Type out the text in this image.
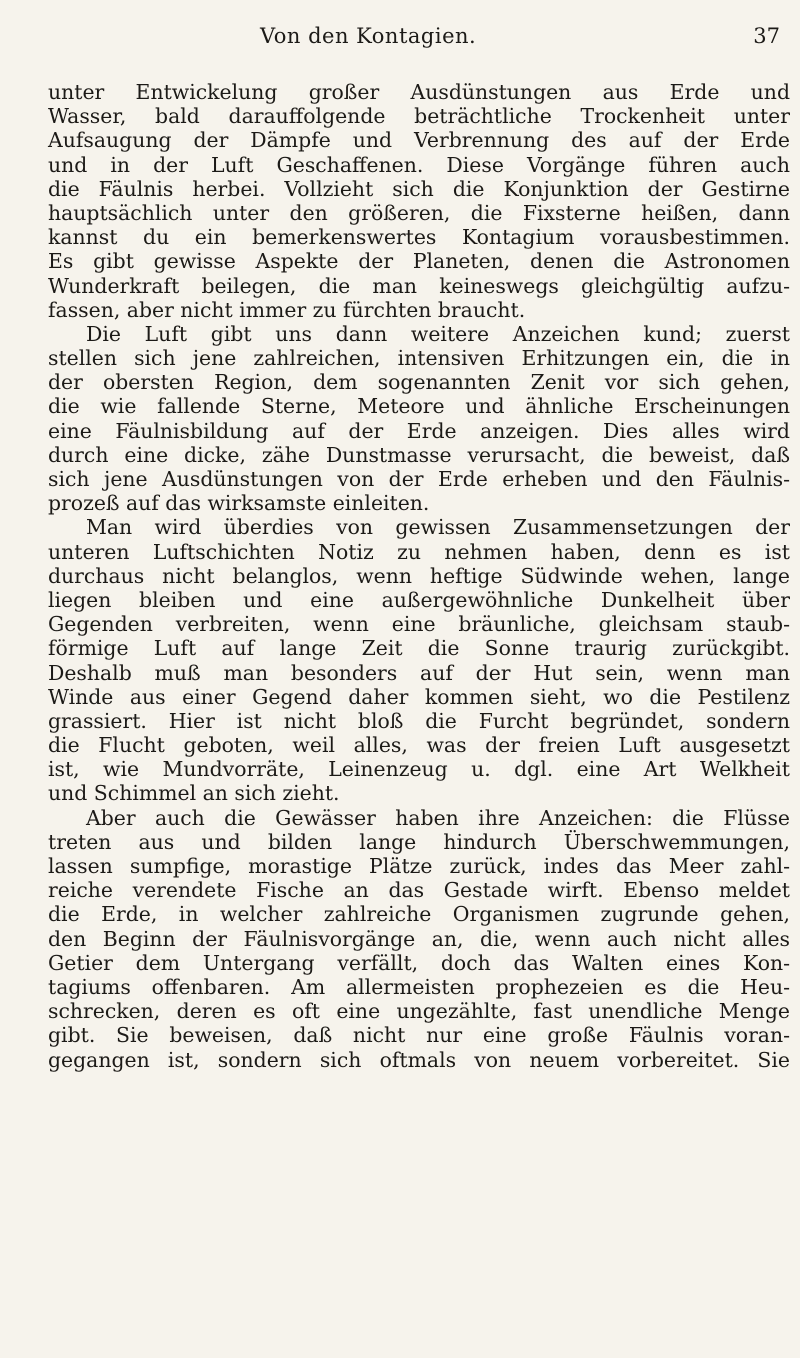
Von den Kontagien.	37
unter Entwickelung großer Ausdünstungen aus Erde und
Wasser, bald darauffolgende beträchtliche Trockenheit unter
Aufsaugung der Dämpfe und Verbrennung des auf der Erde
und in der Luft Geschaffenen. Diese Vorgänge führen auch
die Fäulnis herbei. Vollzieht sich die Konjunktion der Gestirne
hauptsächlich unter den größeren, die Fixsterne heißen, dann
kannst du ein bemerkenswertes Kontagium vorausbestimmen.
Es gibt gewisse Aspekte der Planeten, denen die Astronomen
Wunderkraft beilegen, die man keineswegs gleichgültig aufzu-
fassen, aber nicht immer zu fürchten braucht.
Die Luft gibt uns dann weitere Anzeichen kund; zuerst
stellen sich jene zahlreichen, intensiven Erhitzungen ein, die in
der obersten Region, dem sogenannten Zenit vor sich gehen,
die wie fallende Sterne, Meteore und ähnliche Erscheinungen
eine Fäulnisbildung auf der Erde anzeigen. Dies alles wird
durch eine dicke, zähe Dunstmasse verursacht, die beweist, daß
sich jene Ausdünstungen von der Erde erheben und den Fäulnis-
prozeß auf das wirksamste einleiten.
Man wird überdies von gewissen Zusammensetzungen der
unteren Luftschichten Notiz zu nehmen haben, denn es ist
durchaus nicht belanglos, wenn heftige Südwinde wehen, lange
liegen bleiben und eine außergewöhnliche Dunkelheit über
Gegenden verbreiten, wenn eine bräunliche, gleichsam staub-
förmige Luft auf lange Zeit die Sonne traurig zurückgibt.
Deshalb muß man besonders auf der Hut sein, wenn man
Winde aus einer Gegend daher kommen sieht, wo die Pestilenz
grassiert. Hier ist nicht bloß die Furcht begründet, sondern
die Flucht geboten, weil alles, was der freien Luft ausgesetzt
ist, wie Mundvorräte, Leinenzeug u. dgl. eine Art Welkheit
und Schimmel an sich zieht.
Aber auch die Gewässer haben ihre Anzeichen: die Flüsse
treten aus und bilden lange hindurch Überschwemmungen,
lassen sumpfige, morastige Plätze zurück, indes das Meer zahl-
reiche verendete Fische an das Gestade wirft. Ebenso meldet
die Erde, in welcher zahlreiche Organismen zugrunde gehen,
den Beginn der Fäulnisvorgänge an, die, wenn auch nicht alles
Getier dem Untergang verfällt, doch das Walten eines Kon-
tagiums offenbaren. Am allermeisten prophezeien es die Heu-
schrecken, deren es oft eine ungezählte, fast unendliche Menge
gibt. Sie beweisen, daß nicht nur eine große Fäulnis voran-
gegangen ist, sondern sich oftmals von neuem vorbereitet. Sie
